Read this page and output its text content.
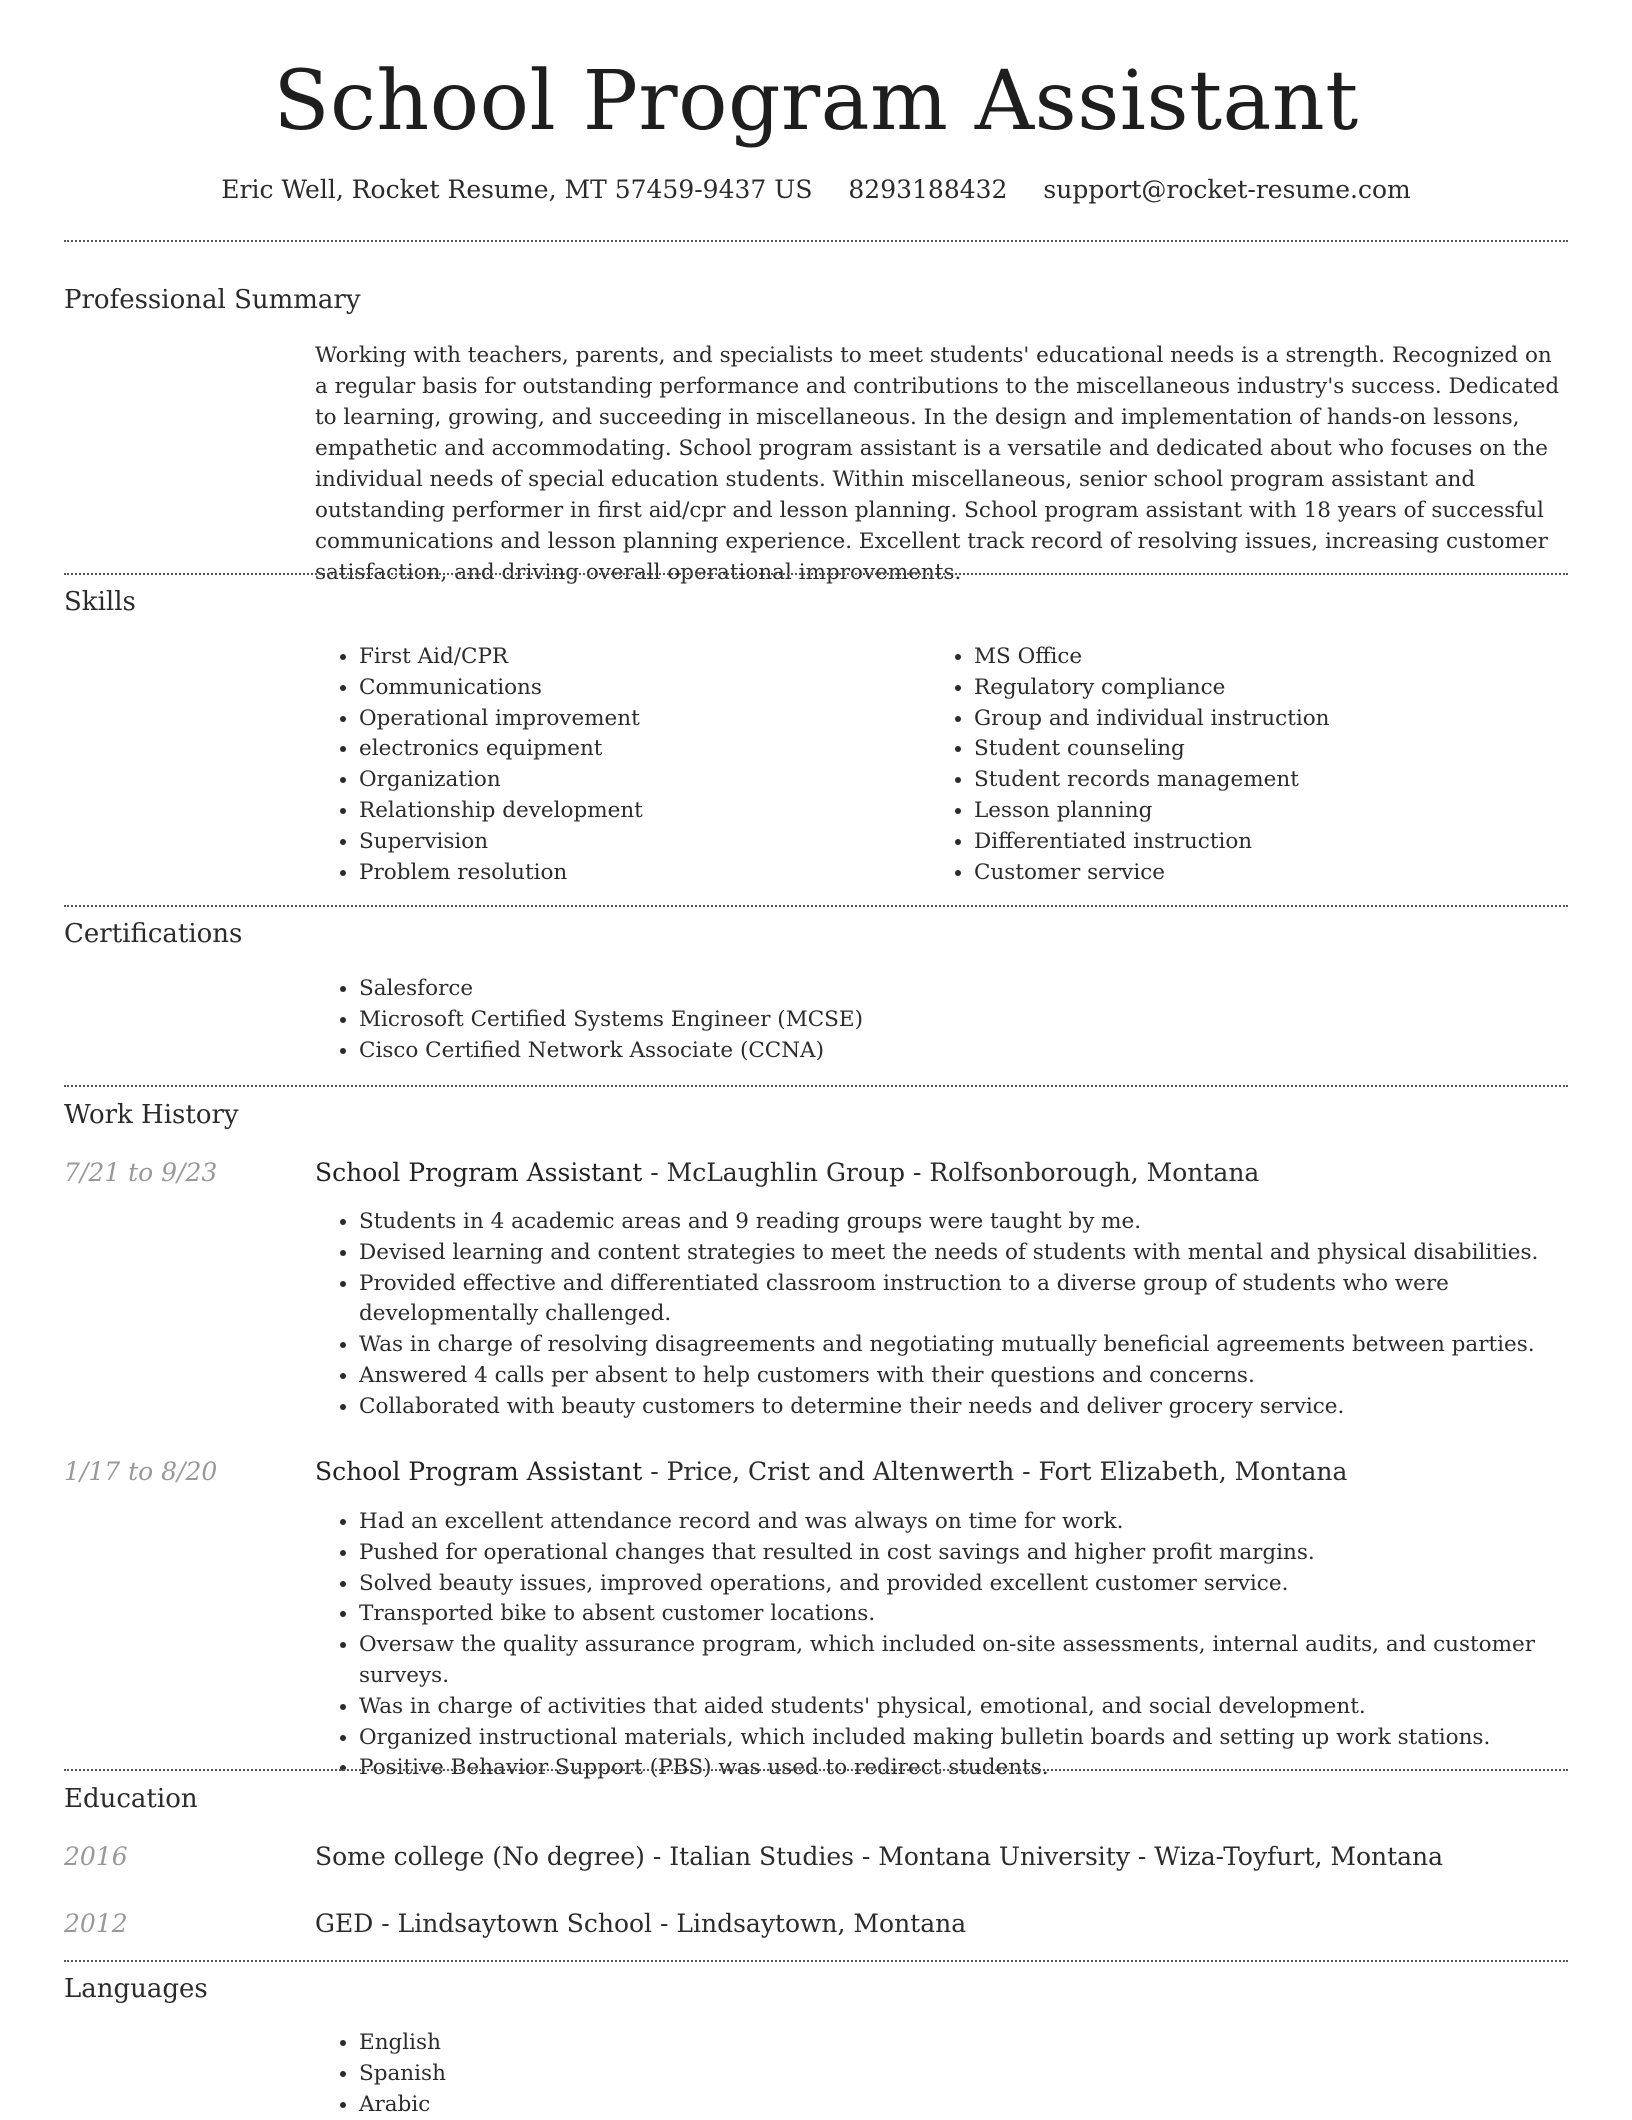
School Program Assistant
Eric Well, Rocket Resume, MT 57459-9437 US 8293188432 support@rocket-resume.com
Professional Summary
Working with teachers, parents, and specialists to meet students' educational needs is a strength. Recognized on a regular basis for outstanding performance and contributions to the miscellaneous industry's success. Dedicated to learning, growing, and succeeding in miscellaneous. In the design and implementation of hands-on lessons, empathetic and accommodating. School program assistant is a versatile and dedicated about who focuses on the individual needs of special education students. Within miscellaneous, senior school program assistant and outstanding performer in first aid/cpr and lesson planning. School program assistant with 18 years of successful communications and lesson planning experience. Excellent track record of resolving issues, increasing customer satisfaction, and driving overall operational improvements.
Skills
• First Aid/CPR
• Communications
• Operational improvement
• electronics equipment
• Organization
• Relationship development
• Supervision
• Problem resolution
• MS Office
• Regulatory compliance
• Group and individual instruction
• Student counseling
• Student records management
• Lesson planning
• Differentiated instruction
• Customer service
Certifications
• Salesforce
• Microsoft Certified Systems Engineer (MCSE)
• Cisco Certified Network Associate (CCNA)
Work History
7/21 to 9/23	School Program Assistant - McLaughlin Group - Rolfsonborough, Montana
• Students in 4 academic areas and 9 reading groups were taught by me.
• Devised learning and content strategies to meet the needs of students with mental and physical disabilities.
• Provided effective and differentiated classroom instruction to a diverse group of students who were developmentally challenged.
• Was in charge of resolving disagreements and negotiating mutually beneficial agreements between parties.
• Answered 4 calls per absent to help customers with their questions and concerns.
• Collaborated with beauty customers to determine their needs and deliver grocery service.
1/17 to 8/20	School Program Assistant - Price, Crist and Altenwerth - Fort Elizabeth, Montana
• Had an excellent attendance record and was always on time for work.
• Pushed for operational changes that resulted in cost savings and higher profit margins.
• Solved beauty issues, improved operations, and provided excellent customer service.
• Transported bike to absent customer locations.
• Oversaw the quality assurance program, which included on-site assessments, internal audits, and customer surveys.
• Was in charge of activities that aided students' physical, emotional, and social development.
• Organized instructional materials, which included making bulletin boards and setting up work stations.
• Positive Behavior Support (PBS) was used to redirect students.
Education
2016	Some college (No degree) - Italian Studies - Montana University - Wiza-Toyfurt, Montana
2012	GED - Lindsaytown School - Lindsaytown, Montana
Languages
• English
• Spanish
• Arabic
